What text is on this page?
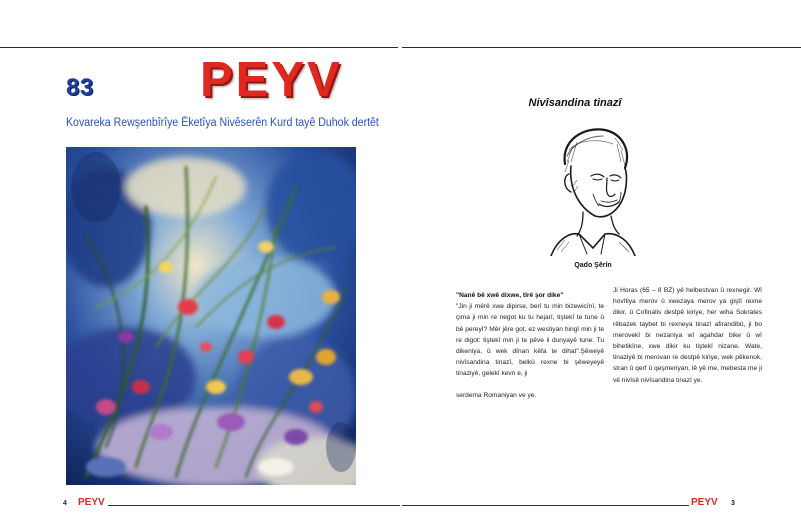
83 PEYV
Kovareka Rewşenbîrîye Êketîya Nivêserên Kurd tayê Duhok dertêt
4 PEYV
Nivîsandina tinazî
Qado Şêrîn

"Nanê bê xwê dixwe, tîrê şor dike"

"Jin ji mêrê xwe dipirse, berî tu min bizewicînî, te çima ji min re negot ku tu hejarî, tiştekî te tune û bê pereyî? Mêr jêre got, ez westiyan hingî min ji te re digot: tiştekî min ji te pêve li dunyayê tune. Tu dikeniya, û wek dînan kêfa te dihat".Şêweyê nivîsandina tinazî, belkû rexne bi şêweyeyê tinaziyê, gelekî kevn e, ji

serdema Romaniyan ve ye.

Ji Horas (65 – 8 BZ) yê helbestvan û rexnegir. Wî hovîtiya merov û xwezaya merov ya giştî rexne dikir, û Cofinalis destpê kiriye, her wiha Sokrates rêbazek taybet bi rexneya tinazî afirandibû, ji bo merovekî bi nezaniya wî agahdar bike û wî bihetikîne, xwe dikir ku tiştekî nizane. Wate, tinaziyê bi merovan re destpê kiriye, wek pêkenok, stran û qerf û qeşmeriyan, lê yê me, mebesta me ji vê nivîsê nivîsandina tinazî ye.

PEYV 3
